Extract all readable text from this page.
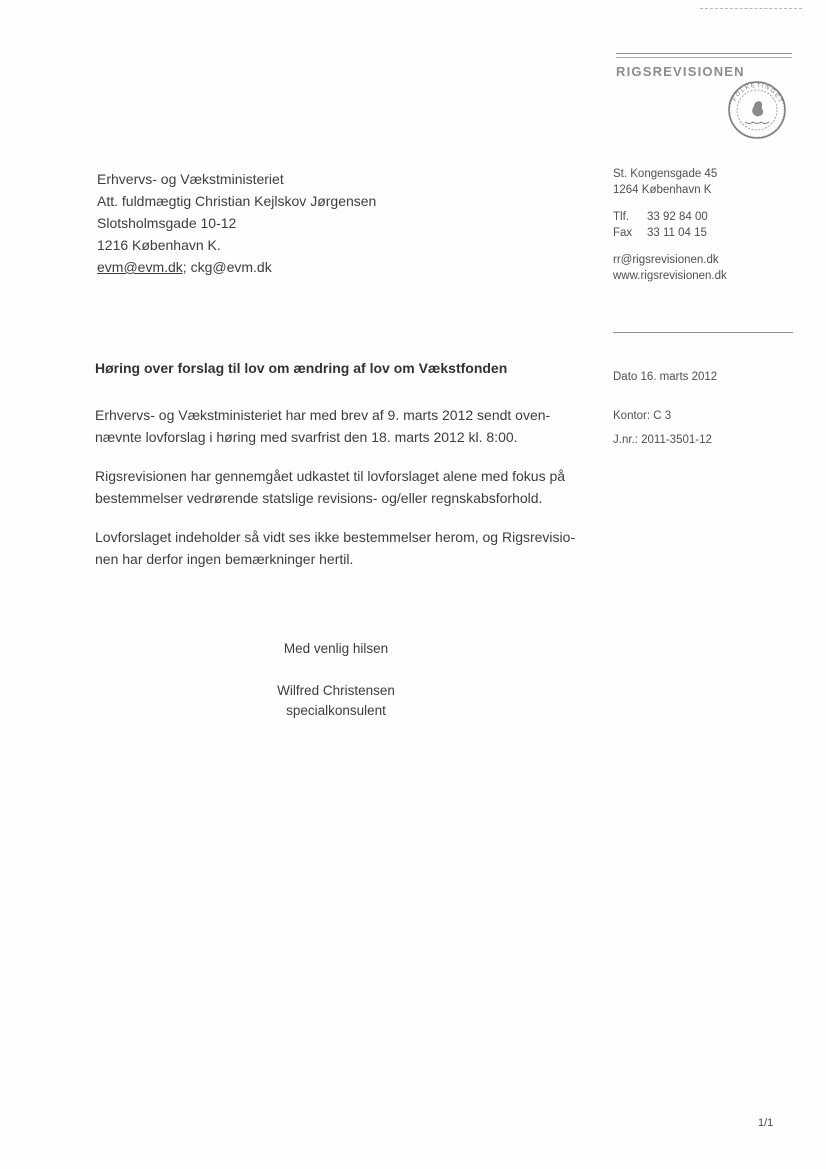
RIGSREVISIONEN
FOLKETINGET
Erhvervs- og Vækstministeriet
Att. fuldmægtig Christian Kejlskov Jørgensen
Slotsholmsgade 10-12
1216 København K.
evm@evm.dk; ckg@evm.dk
St. Kongensgade 45
1264 København K
Tlf.	33 92 84 00
Fax	33 11 04 15
rr@rigsrevisionen.dk
www.rigsrevisionen.dk
Dato 16. marts 2012
Kontor: C 3
J.nr.: 2011-3501-12
Høring over forslag til lov om ændring af lov om Vækstfonden
Erhvervs- og Vækstministeriet har med brev af 9. marts 2012 sendt oven-
nævnte lovforslag i høring med svarfrist den 18. marts 2012 kl. 8:00.
Rigsrevisionen har gennemgået udkastet til lovforslaget alene med fokus på
bestemmelser vedrørende statslige revisions- og/eller regnskabsforhold.
Lovforslaget indeholder så vidt ses ikke bestemmelser herom, og Rigsrevisio-
nen har derfor ingen bemærkninger hertil.
Med venlig hilsen
Wilfred Christensen
specialkonsulent
1/1
